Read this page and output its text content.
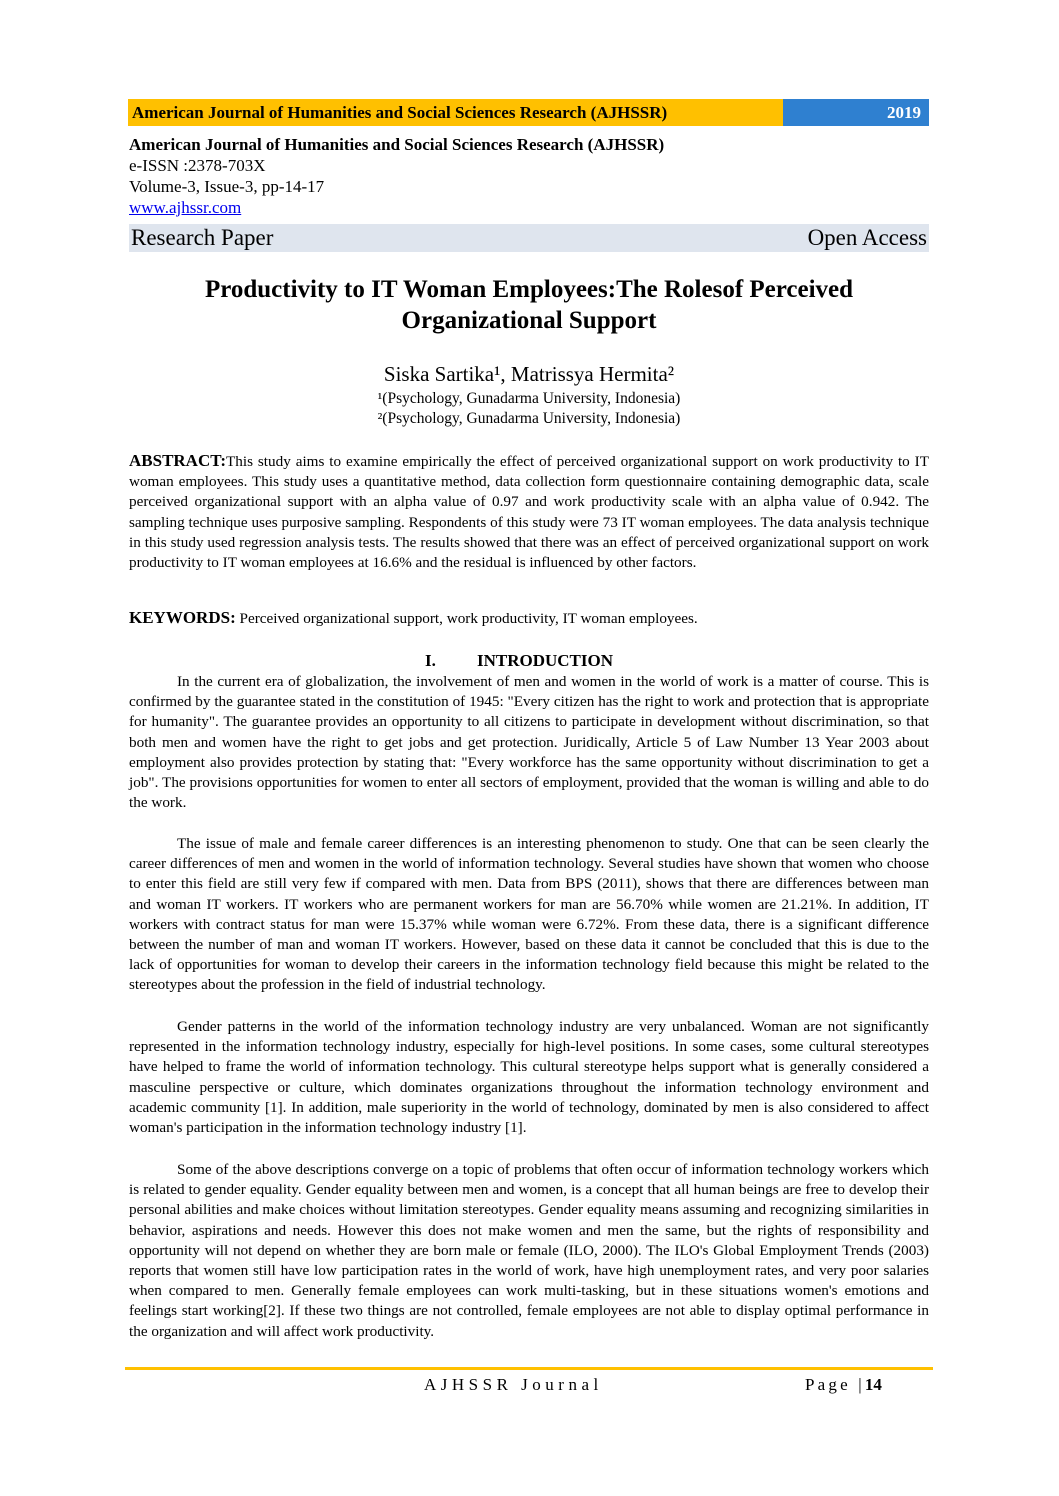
American Journal of Humanities and Social Sciences Research (AJHSSR)	2019
American Journal of Humanities and Social Sciences Research (AJHSSR)
e-ISSN :2378-703X
Volume-3, Issue-3, pp-14-17
www.ajhssr.com
Research Paper	Open Access
Productivity to IT Woman Employees:The Rolesof Perceived
Organizational Support
Siska Sartika¹, Matrissya Hermita²
¹(Psychology, Gunadarma University, Indonesia)
²(Psychology, Gunadarma University, Indonesia)

ABSTRACT:This study aims to examine empirically the effect of perceived organizational support on work productivity to IT woman employees. This study uses a quantitative method, data collection form questionnaire containing demographic data, scale perceived organizational support with an alpha value of 0.97 and work productivity scale with an alpha value of 0.942. The sampling technique uses purposive sampling. Respondents of this study were 73 IT woman employees. The data analysis technique in this study used regression analysis tests. The results showed that there was an effect of perceived organizational support on work productivity to IT woman employees at 16.6% and the residual is influenced by other factors.

KEYWORDS: Perceived organizational support, work productivity, IT woman employees.

I. INTRODUCTION

In the current era of globalization, the involvement of men and women in the world of work is a matter of course. This is confirmed by the guarantee stated in the constitution of 1945: "Every citizen has the right to work and protection that is appropriate for humanity". The guarantee provides an opportunity to all citizens to participate in development without discrimination, so that both men and women have the right to get jobs and get protection. Juridically, Article 5 of Law Number 13 Year 2003 about employment also provides protection by stating that: "Every workforce has the same opportunity without discrimination to get a job". The provisions opportunities for women to enter all sectors of employment, provided that the woman is willing and able to do the work.

The issue of male and female career differences is an interesting phenomenon to study. One that can be seen clearly the career differences of men and women in the world of information technology. Several studies have shown that women who choose to enter this field are still very few if compared with men. Data from BPS (2011), shows that there are differences between man and woman IT workers. IT workers who are permanent workers for man are 56.70% while women are 21.21%. In addition, IT workers with contract status for man were 15.37% while woman were 6.72%. From these data, there is a significant difference between the number of man and woman IT workers. However, based on these data it cannot be concluded that this is due to the lack of opportunities for woman to develop their careers in the information technology field because this might be related to the stereotypes about the profession in the field of industrial technology.

Gender patterns in the world of the information technology industry are very unbalanced. Woman are not significantly represented in the information technology industry, especially for high-level positions. In some cases, some cultural stereotypes have helped to frame the world of information technology. This cultural stereotype helps support what is generally considered a masculine perspective or culture, which dominates organizations throughout the information technology environment and academic community [1]. In addition, male superiority in the world of technology, dominated by men is also considered to affect woman's participation in the information technology industry [1].

Some of the above descriptions converge on a topic of problems that often occur of information technology workers which is related to gender equality. Gender equality between men and women, is a concept that all human beings are free to develop their personal abilities and make choices without limitation stereotypes. Gender equality means assuming and recognizing similarities in behavior, aspirations and needs. However this does not make women and men the same, but the rights of responsibility and opportunity will not depend on whether they are born male or female (ILO, 2000). The ILO's Global Employment Trends (2003) reports that women still have low participation rates in the world of work, have high unemployment rates, and very poor salaries when compared to men. Generally female employees can work multi-tasking, but in these situations women's emotions and feelings start working[2]. If these two things are not controlled, female employees are not able to display optimal performance in the organization and will affect work productivity.

AJHSSR Journal	Page |14
